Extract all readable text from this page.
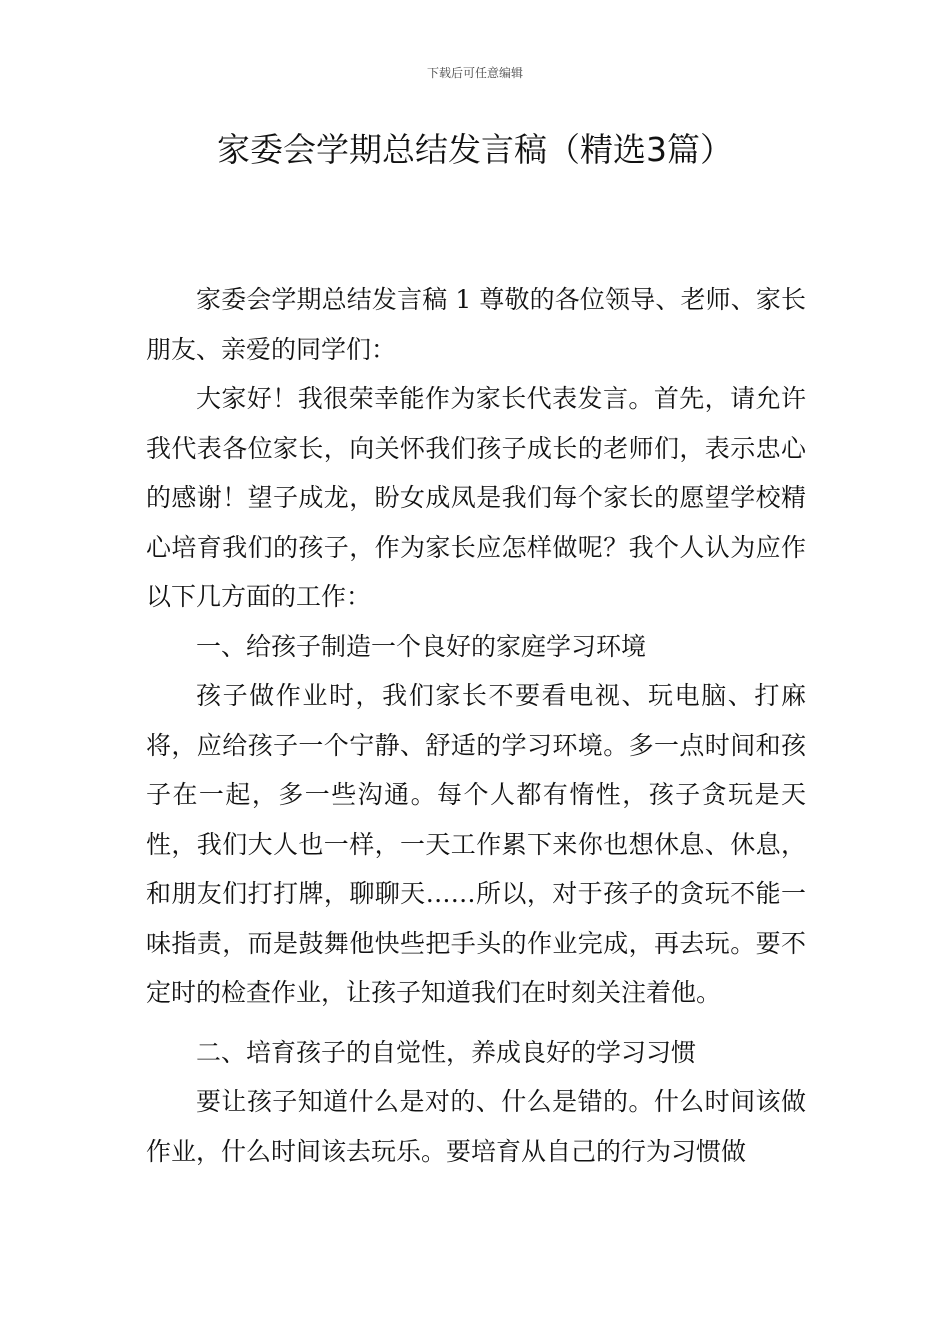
下载后可任意编辑
家委会学期总结发言稿（精选3篇）

家委会学期总结发言稿 1 尊敬的各位领导、老师、家长朋友、亲爱的同学们：

大家好！我很荣幸能作为家长代表发言。首先，请允许我代表各位家长，向关怀我们孩子成长的老师们，表示忠心的感谢！望子成龙，盼女成凤是我们每个家长的愿望学校精心培育我们的孩子，作为家长应怎样做呢？我个人认为应作以下几方面的工作：

一、给孩子制造一个良好的家庭学习环境

孩子做作业时，我们家长不要看电视、玩电脑、打麻将，应给孩子一个宁静、舒适的学习环境。多一点时间和孩子在一起，多一些沟通。每个人都有惰性，孩子贪玩是天性，我们大人也一样，一天工作累下来你也想休息、休息，和朋友们打打牌，聊聊天……所以，对于孩子的贪玩不能一味指责，而是鼓舞他快些把手头的作业完成，再去玩。要不定时的检查作业，让孩子知道我们在时刻关注着他。

二、培育孩子的自觉性，养成良好的学习习惯

要让孩子知道什么是对的、什么是错的。什么时间该做作业，什么时间该去玩乐。要培育从自己的行为习惯做
